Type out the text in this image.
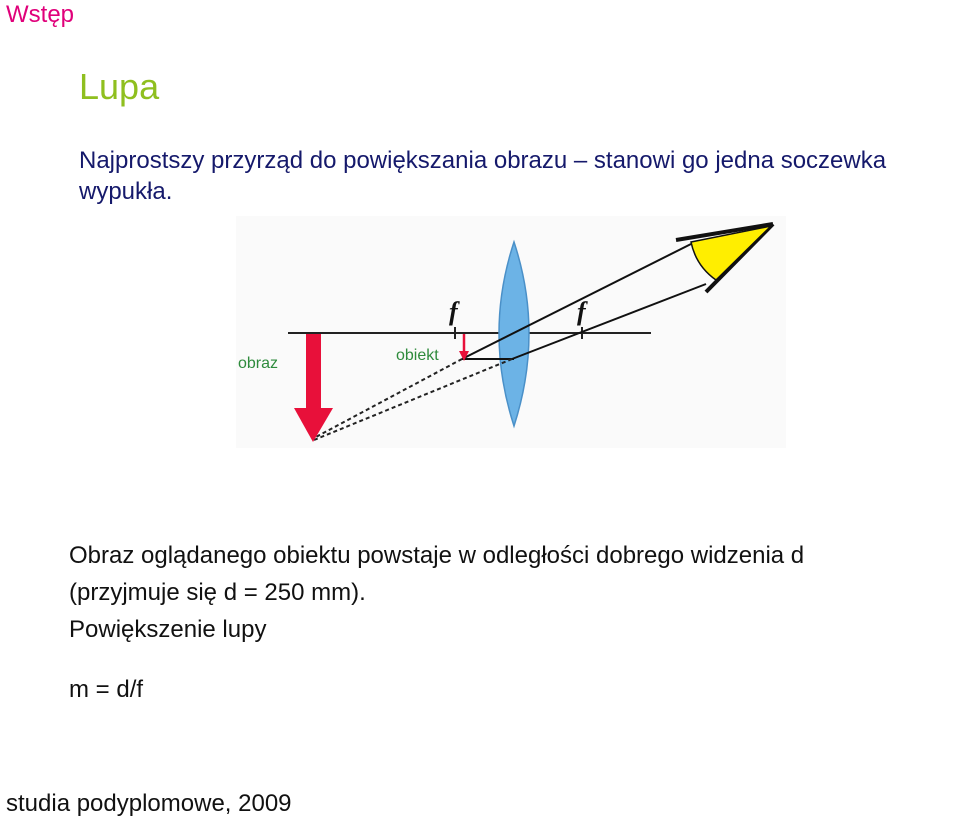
Wstęp
Lupa

Najprostszy przyrząd do powiększania obrazu – stanowi go jedna soczewka wypukła.

obraz	obiekt
f	f
Obraz oglądanego obiektu powstaje w odległości dobrego widzenia d
(przyjmuje się d = 250 mm).
Powiększenie lupy
m = d/f
studia podyplomowe, 2009
